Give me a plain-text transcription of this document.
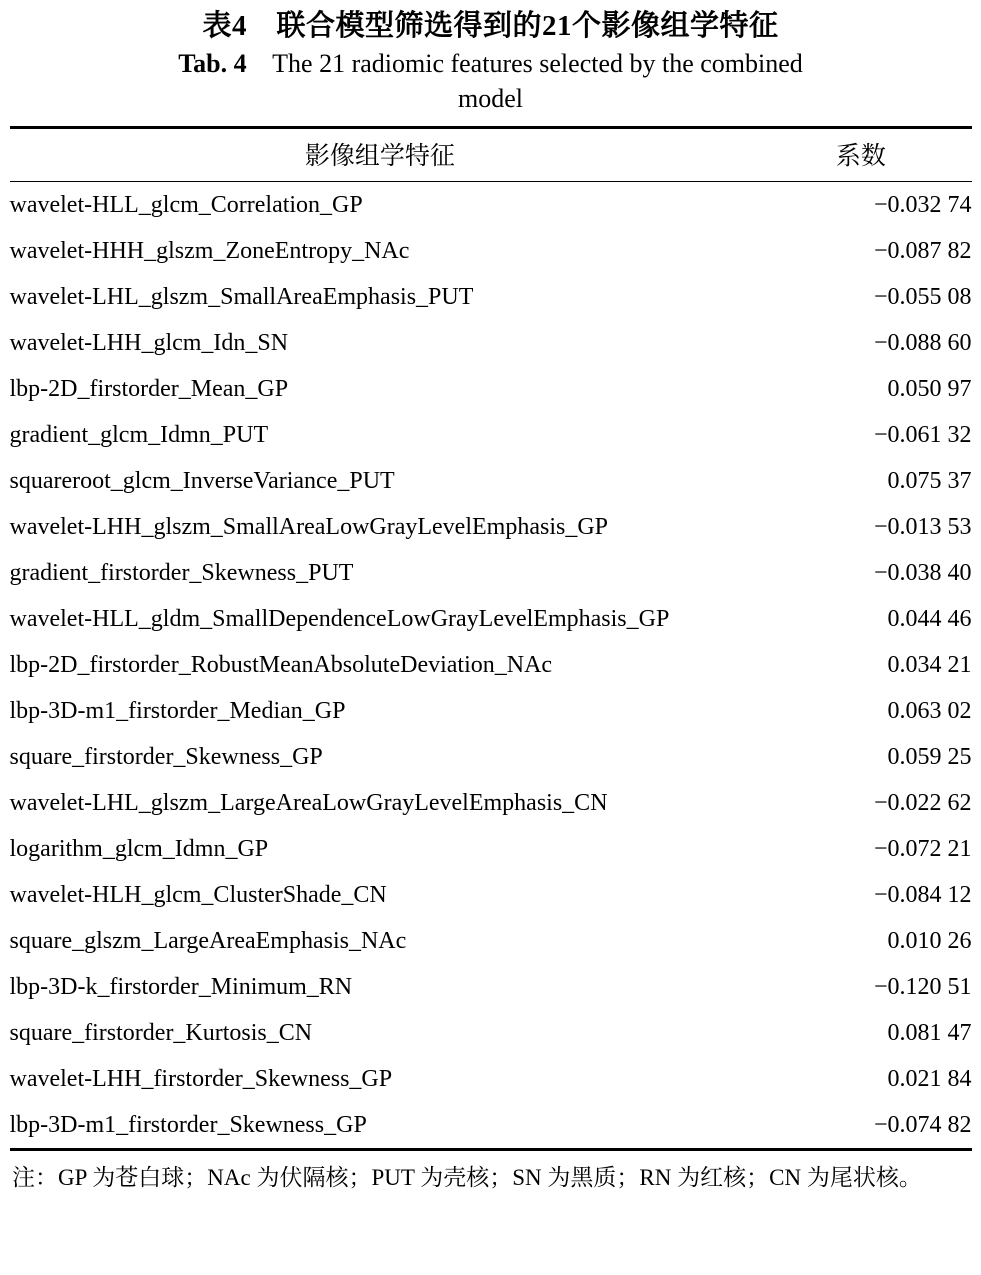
表4　联合模型筛选得到的21个影像组学特征
Tab. 4 The 21 radiomic features selected by the combined
model
影像组学特征	系数
wavelet-HLL_glcm_Correlation_GP	−0.032 74
wavelet-HHH_glszm_ZoneEntropy_NAc	−0.087 82
wavelet-LHL_glszm_SmallAreaEmphasis_PUT	−0.055 08
wavelet-LHH_glcm_Idn_SN	−0.088 60
lbp-2D_firstorder_Mean_GP	0.050 97
gradient_glcm_Idmn_PUT	−0.061 32
squareroot_glcm_InverseVariance_PUT	0.075 37
wavelet-LHH_glszm_SmallAreaLowGrayLevelEmphasis_GP	−0.013 53
gradient_firstorder_Skewness_PUT	−0.038 40
wavelet-HLL_gldm_SmallDependenceLowGrayLevelEmphasis_GP	0.044 46
lbp-2D_firstorder_RobustMeanAbsoluteDeviation_NAc	0.034 21
lbp-3D-m1_firstorder_Median_GP	0.063 02
square_firstorder_Skewness_GP	0.059 25
wavelet-LHL_glszm_LargeAreaLowGrayLevelEmphasis_CN	−0.022 62
logarithm_glcm_Idmn_GP	−0.072 21
wavelet-HLH_glcm_ClusterShade_CN	−0.084 12
square_glszm_LargeAreaEmphasis_NAc	0.010 26
lbp-3D-k_firstorder_Minimum_RN	−0.120 51
square_firstorder_Kurtosis_CN	0.081 47
wavelet-LHH_firstorder_Skewness_GP	0.021 84
lbp-3D-m1_firstorder_Skewness_GP	−0.074 82
注：GP 为苍白球；NAc 为伏隔核；PUT 为壳核；SN 为黑质；RN 为红核；CN 为尾状核。
